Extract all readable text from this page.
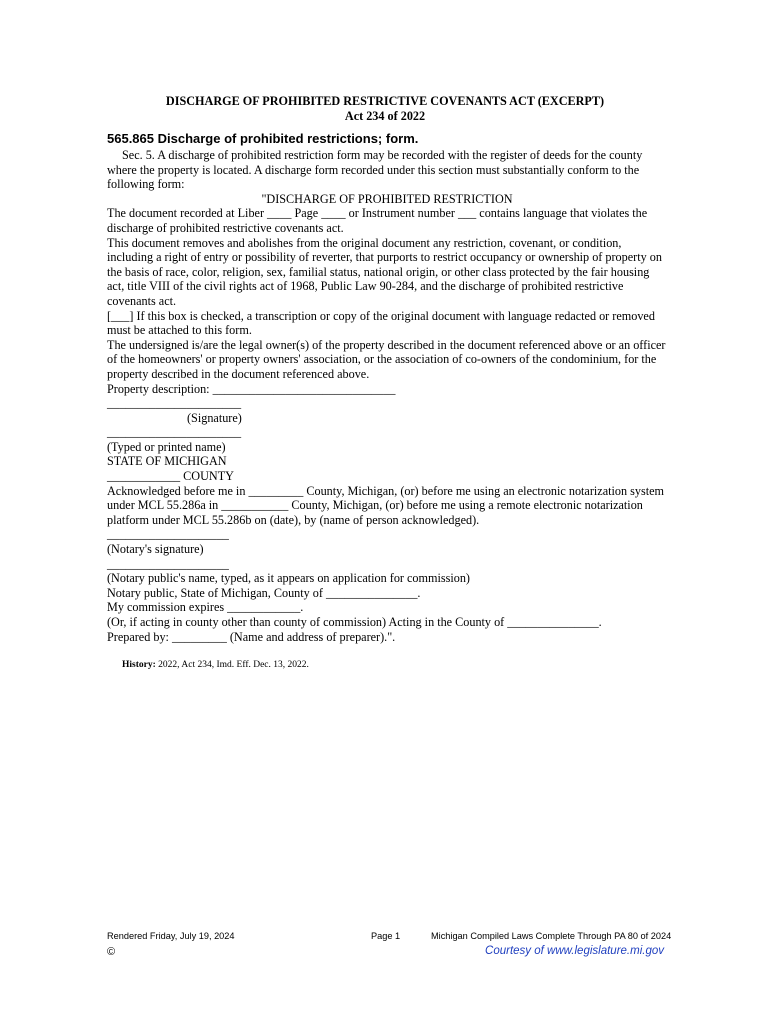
DISCHARGE OF PROHIBITED RESTRICTIVE COVENANTS ACT (EXCERPT)
Act 234 of 2022
565.865 Discharge of prohibited restrictions; form.

Sec. 5. A discharge of prohibited restriction form may be recorded with the register of deeds for the county where the property is located. A discharge form recorded under this section must substantially conform to the following form:

"DISCHARGE OF PROHIBITED RESTRICTION

The document recorded at Liber ____ Page ____ or Instrument number ___ contains language that violates the discharge of prohibited restrictive covenants act.

This document removes and abolishes from the original document any restriction, covenant, or condition, including a right of entry or possibility of reverter, that purports to restrict occupancy or ownership of property on the basis of race, color, religion, sex, familial status, national origin, or other class protected by the fair housing act, title VIII of the civil rights act of 1968, Public Law 90-284, and the discharge of prohibited restrictive covenants act.

[___] If this box is checked, a transcription or copy of the original document with language redacted or removed must be attached to this form.

The undersigned is/are the legal owner(s) of the property described in the document referenced above or an officer of the homeowners' or property owners' association, or the association of co-owners of the condominium, for the property described in the document referenced above.

Property description: ______________________________

______________________

(Signature)

______________________

(Typed or printed name)

STATE OF MICHIGAN

____________ COUNTY

Acknowledged before me in _________ County, Michigan, (or) before me using an electronic notarization system under MCL 55.286a in ___________ County, Michigan, (or) before me using a remote electronic notarization platform under MCL 55.286b on (date), by (name of person acknowledged).

____________________

(Notary's signature)

____________________

(Notary public's name, typed, as it appears on application for commission)

Notary public, State of Michigan, County of _______________.

My commission expires ____________.

(Or, if acting in county other than county of commission) Acting in the County of _______________.

Prepared by: _________ (Name and address of preparer).".

History: 2022, Act 234, Imd. Eff. Dec. 13, 2022.
Rendered Friday, July 19, 2024	Page 1	Michigan Compiled Laws Complete Through PA 80 of 2024
©	Courtesy of www.legislature.mi.gov
